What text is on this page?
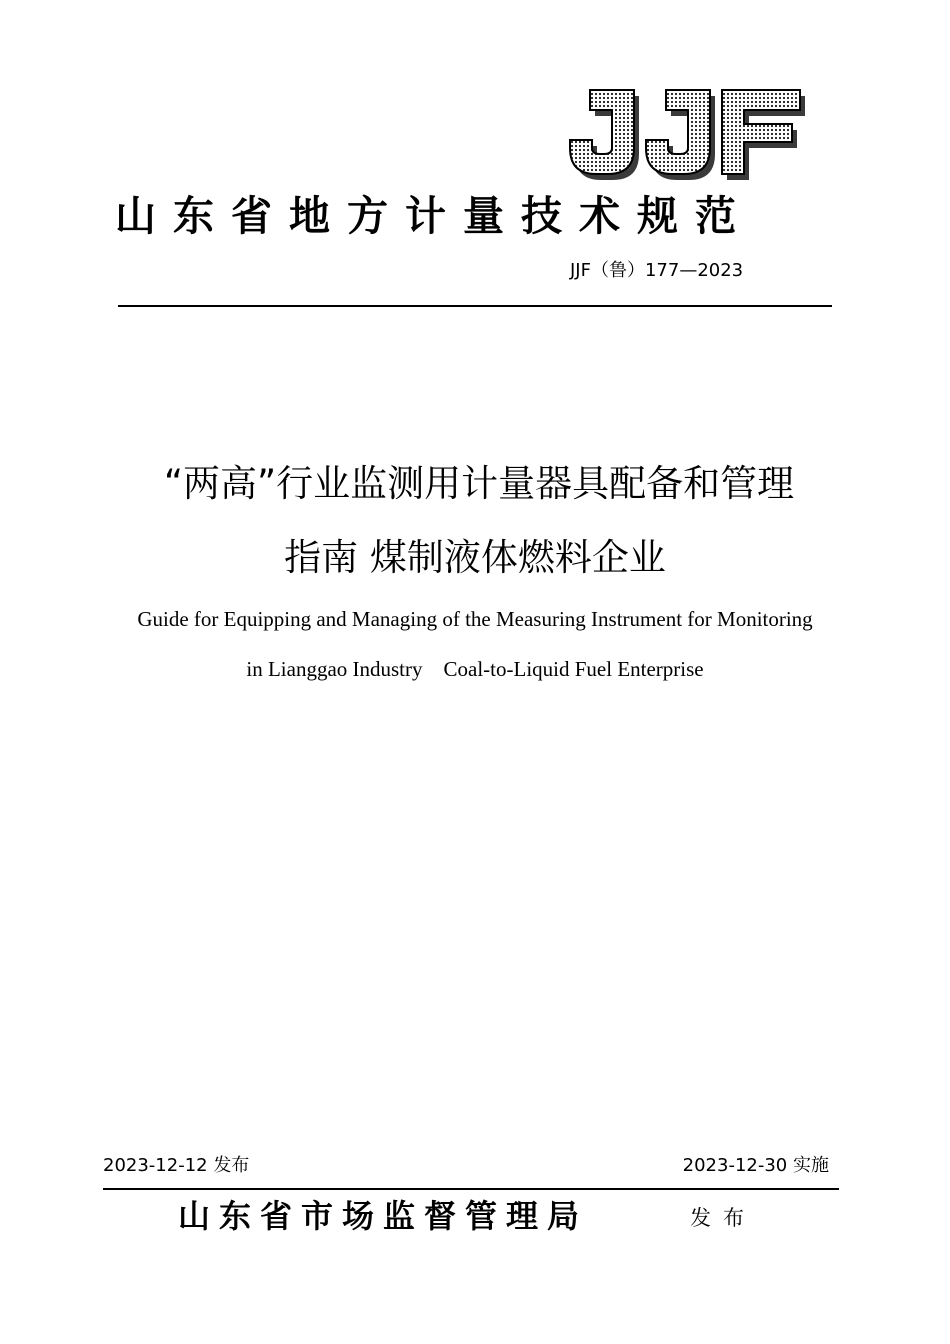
山东省地方计量技术规范
JJF（鲁）177—2023
“两高”行业监测用计量器具配备和管理
指南 煤制液体燃料企业
Guide for Equipping and Managing of the Measuring Instrument for Monitoring
in Lianggao Industry    Coal-to-Liquid Fuel Enterprise
2023-12-12 发布	2023-12-30 实施
山东省市场监督管理局	发布
